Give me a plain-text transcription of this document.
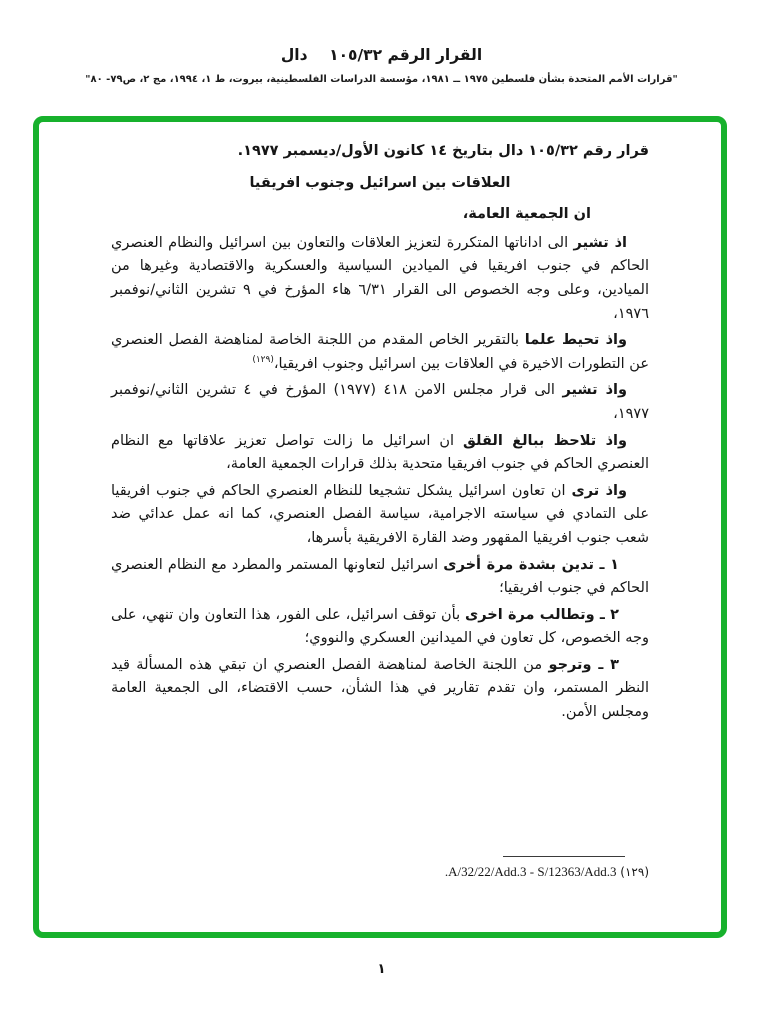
القرار الرقم ١٠٥/٣٢    دال
"قرارات الأمم المتحدة بشأن فلسطين ١٩٧٥ ــ ١٩٨١، مؤسسة الدراسات الفلسطينية، بيروت، ط ١، ١٩٩٤، مج ٢، ص٧٩- ٨٠"

قرار رقم ١٠٥/٣٢ دال بتاريخ ١٤ كانون الأول/ديسمبر ١٩٧٧.

العلاقات بين اسرائيل وجنوب افريقيا

ان الجمعية العامة،

اذ تشير الى اداناتها المتكررة لتعزيز العلاقات والتعاون بين اسرائيل والنظام العنصري الحاكم في جنوب افريقيا في الميادين السياسية والعسكرية والاقتصادية وغيرها من الميادين، وعلى وجه الخصوص الى القرار ٦/٣١ هاء المؤرخ في ٩ تشرين الثاني/نوفمبر ١٩٧٦،

واذ تحيط علما بالتقرير الخاص المقدم من اللجنة الخاصة لمناهضة الفصل العنصري عن التطورات الاخيرة في العلاقات بين اسرائيل وجنوب افريقيا،$^{(١٢٩)}$

واذ تشير الى قرار مجلس الامن ٤١٨ (١٩٧٧) المؤرخ في ٤ تشرين الثاني/نوفمبر ١٩٧٧،

واذ تلاحظ ببالغ القلق ان اسرائيل ما زالت تواصل تعزيز علاقاتها مع النظام العنصري الحاكم في جنوب افريقيا متحدية بذلك قرارات الجمعية العامة،

واذ ترى ان تعاون اسرائيل يشكل تشجيعا للنظام العنصري الحاكم في جنوب افريقيا على التمادي في سياسته الاجرامية، سياسة الفصل العنصري، كما انه عمل عدائي ضد شعب جنوب افريقيا المقهور وضد القارة الافريقية بأسرها،

١ ـ تدين بشدة مرة أخرى اسرائيل لتعاونها المستمر والمطرد مع النظام العنصري الحاكم في جنوب افريقيا؛

٢ ـ وتطالب مرة اخرى بأن توقف اسرائيل، على الفور، هذا التعاون وان تنهي، على وجه الخصوص، كل تعاون في الميدانين العسكري والنووي؛

٣ ـ وترجو من اللجنة الخاصة لمناهضة الفصل العنصري ان تبقي هذه المسألة قيد النظر المستمر، وان تقدم تقارير في هذا الشأن، حسب الاقتضاء، الى الجمعية العامة ومجلس الأمن.

(١٢٩) A/32/22/Add.3 - S/12363/Add.3.

١
